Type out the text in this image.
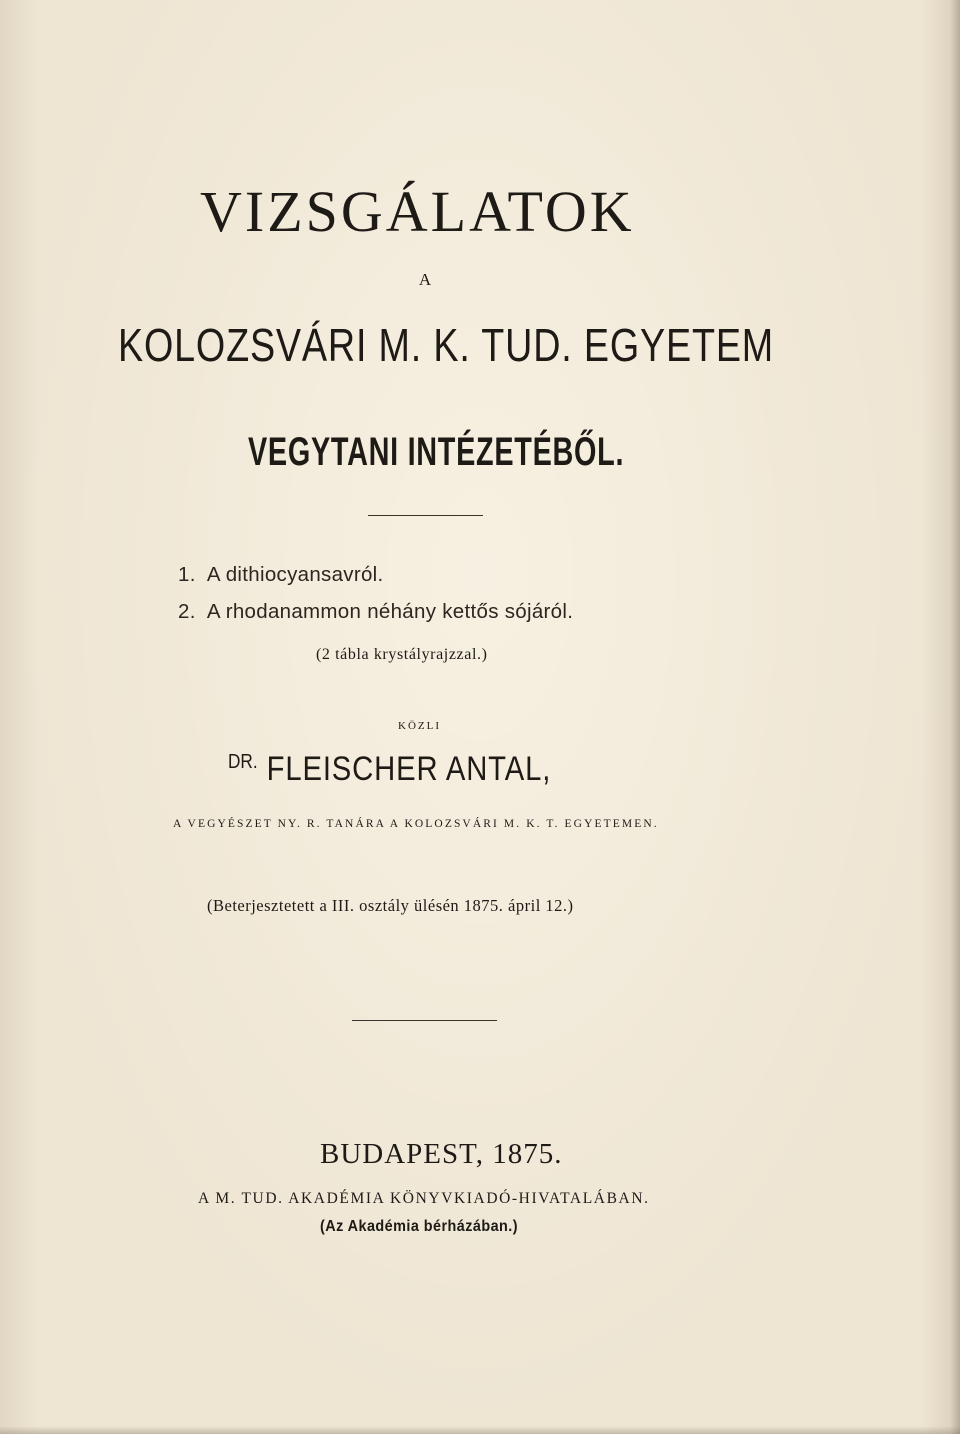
VIZSGÁLATOK
A
KOLOZSVÁRI M. K. TUD. EGYETEM
VEGYTANI INTÉZETÉBŐL.
1. A dithiocyansavról.
2. A rhodanammon néhány kettős sójáról.
(2 tábla krystályrajzzal.)
KÖZLI
$^{DR.}$ FLEISCHER ANTAL,
A VEGYÉSZET NY. R. TANÁRA A KOLOZSVÁRI M. K. T. EGYETEMEN.
(Beterjesztetett a III. osztály ülésén 1875. ápril 12.)
BUDAPEST, 1875.
A M. TUD. AKADÉMIA KÖNYVKIADÓ-HIVATALÁBAN.
(Az Akadémia bérházában.)
